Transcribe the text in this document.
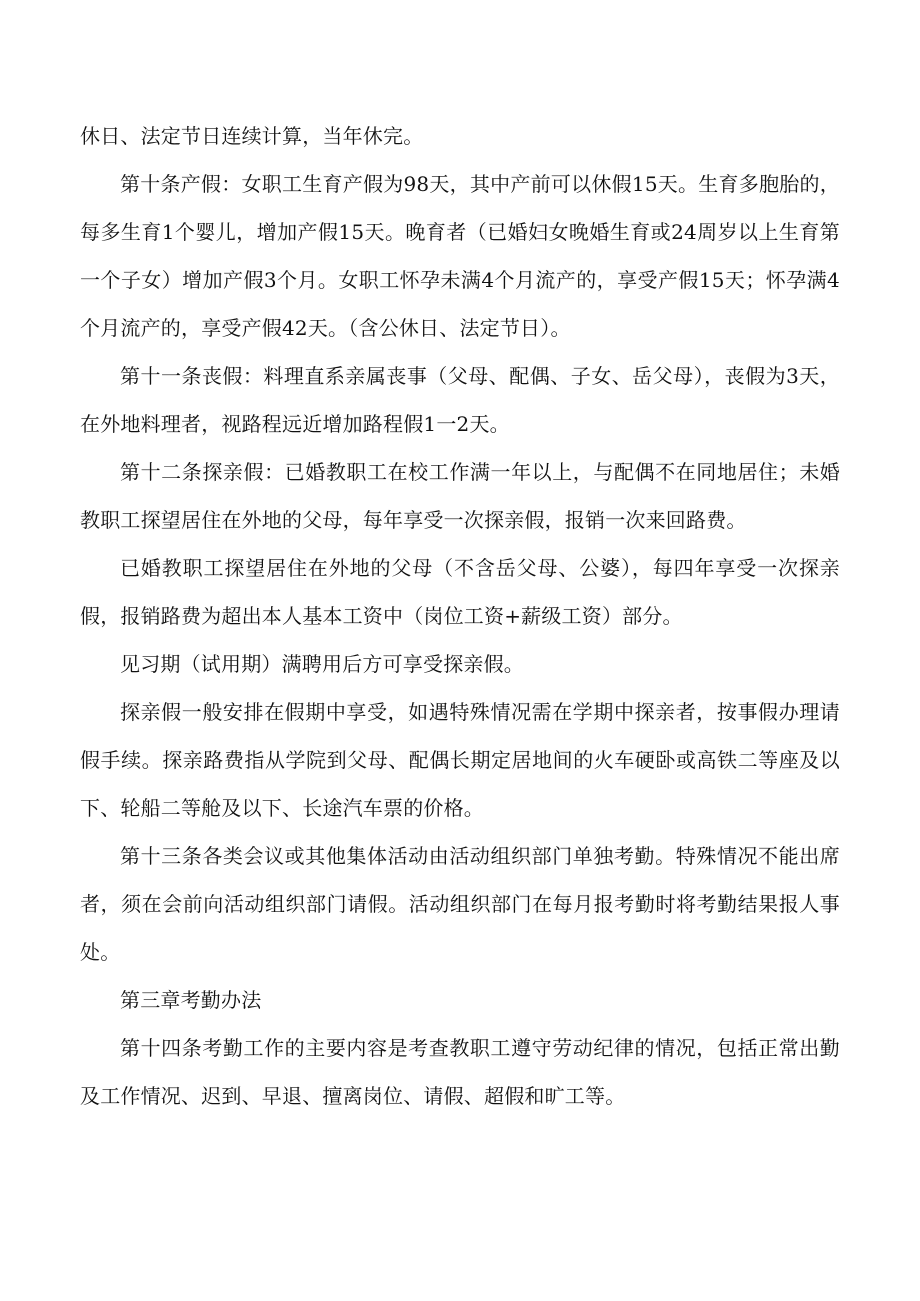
休日、法定节日连续计算，当年休完。

第十条产假：女职工生育产假为98天，其中产前可以休假15天。生育多胞胎的，每多生育1个婴儿，增加产假15天。晚育者（已婚妇女晚婚生育或24周岁以上生育第一个子女）增加产假3个月。女职工怀孕未满4个月流产的，享受产假15天；怀孕满4个月流产的，享受产假42天。（含公休日、法定节日）。

第十一条丧假：料理直系亲属丧事（父母、配偶、子女、岳父母），丧假为3天，在外地料理者，视路程远近增加路程假1一2天。

第十二条探亲假：已婚教职工在校工作满一年以上，与配偶不在同地居住；未婚教职工探望居住在外地的父母，每年享受一次探亲假，报销一次来回路费。

已婚教职工探望居住在外地的父母（不含岳父母、公婆），每四年享受一次探亲假，报销路费为超出本人基本工资中（岗位工资+薪级工资）部分。

见习期（试用期）满聘用后方可享受探亲假。

探亲假一般安排在假期中享受，如遇特殊情况需在学期中探亲者，按事假办理请假手续。探亲路费指从学院到父母、配偶长期定居地间的火车硬卧或高铁二等座及以下、轮船二等舱及以下、长途汽车票的价格。

第十三条各类会议或其他集体活动由活动组织部门单独考勤。特殊情况不能出席者，须在会前向活动组织部门请假。活动组织部门在每月报考勤时将考勤结果报人事处。

第三章考勤办法

第十四条考勤工作的主要内容是考查教职工遵守劳动纪律的情况，包括正常出勤及工作情况、迟到、早退、擅离岗位、请假、超假和旷工等。
